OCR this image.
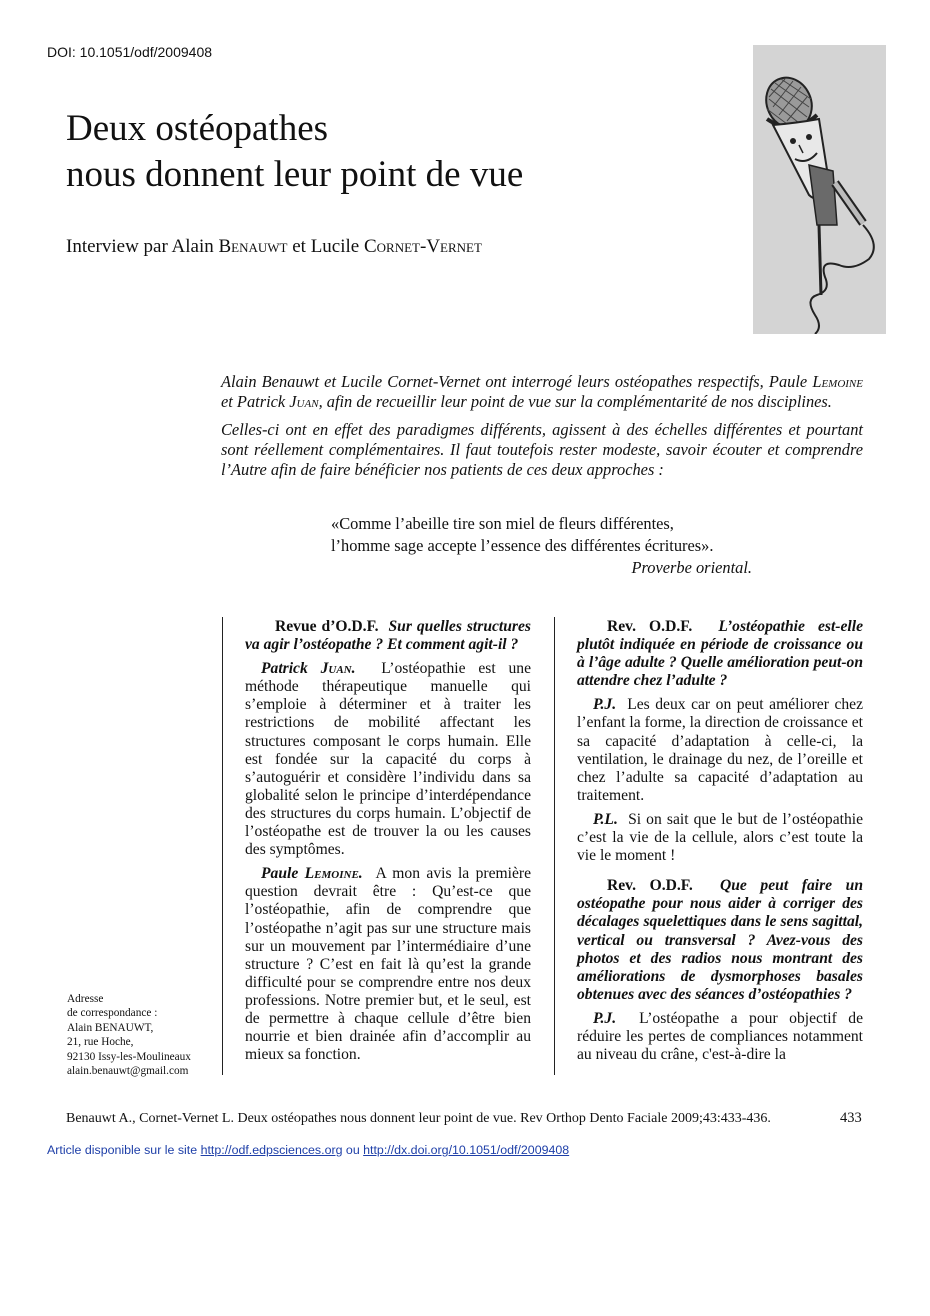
DOI: 10.1051/odf/2009408
Deux ostéopathes
nous donnent leur point de vue
Interview par Alain Benauwt et Lucile Cornet-Vernet

Alain Benauwt et Lucile Cornet-Vernet ont interrogé leurs ostéopathes respectifs, Paule Lemoine et Patrick Juan, afin de recueillir leur point de vue sur la complémentarité de nos disciplines.

Celles-ci ont en effet des paradigmes différents, agissent à des échelles différentes et pourtant sont réellement complémentaires. Il faut toutefois rester modeste, savoir écouter et comprendre l’Autre afin de faire bénéficier nos patients de ces deux approches :

«Comme l’abeille tire son miel de fleurs différentes,
l’homme sage accepte l’essence des différentes écritures».
Proverbe oriental.

Revue d’O.D.F. Sur quelles structures va agir l’ostéopathe ? Et comment agit-il ?

Patrick Juan. L’ostéopathie est une méthode thérapeutique manuelle qui s’emploie à déterminer et à traiter les restrictions de mobilité affectant les structures composant le corps humain. Elle est fondée sur la capacité du corps à s’autoguérir et considère l’individu dans sa globalité selon le principe d’interdépendance des structures du corps humain. L’objectif de l’ostéopathe est de trouver la ou les causes des symptômes.

Paule Lemoine. A mon avis la première question devrait être : Qu’est-ce que l’ostéopathie, afin de comprendre que l’ostéopathe n’agit pas sur une structure mais sur un mouvement par l’intermédiaire d’une structure ? C’est en fait là qu’est la grande difficulté pour se comprendre entre nos deux professions. Notre premier but, et le seul, est de permettre à chaque cellule d’être bien nourrie et bien drainée afin d’accomplir au mieux sa fonction.

Rev. O.D.F. L’ostéopathie est-elle plutôt indiquée en période de croissance ou à l’âge adulte ? Quelle amélioration peut-on attendre chez l’adulte ?

P.J. Les deux car on peut améliorer chez l’enfant la forme, la direction de croissance et sa capacité d’adaptation à celle-ci, la ventilation, le drainage du nez, de l’oreille et chez l’adulte sa capacité d’adaptation au traitement.

P.L. Si on sait que le but de l’ostéopathie c’est la vie de la cellule, alors c’est toute la vie le moment !

Rev. O.D.F. Que peut faire un ostéopathe pour nous aider à corriger des décalages squelettiques dans le sens sagittal, vertical ou transversal ? Avez-vous des photos et des radios nous montrant des améliorations de dysmorphoses basales obtenues avec des séances d’ostéopathies ?

P.J. L’ostéopathe a pour objectif de réduire les pertes de compliances notamment au niveau du crâne, c'est-à-dire la

Adresse
de correspondance :
Alain BENAUWT,
21, rue Hoche,
92130 Issy-les-Moulineaux
alain.benauwt@gmail.com
Benauwt A., Cornet-Vernet L. Deux ostéopathes nous donnent leur point de vue. Rev Orthop Dento Faciale 2009;43:433-436.	433
Article disponible sur le site http://odf.edpsciences.org ou http://dx.doi.org/10.1051/odf/2009408
